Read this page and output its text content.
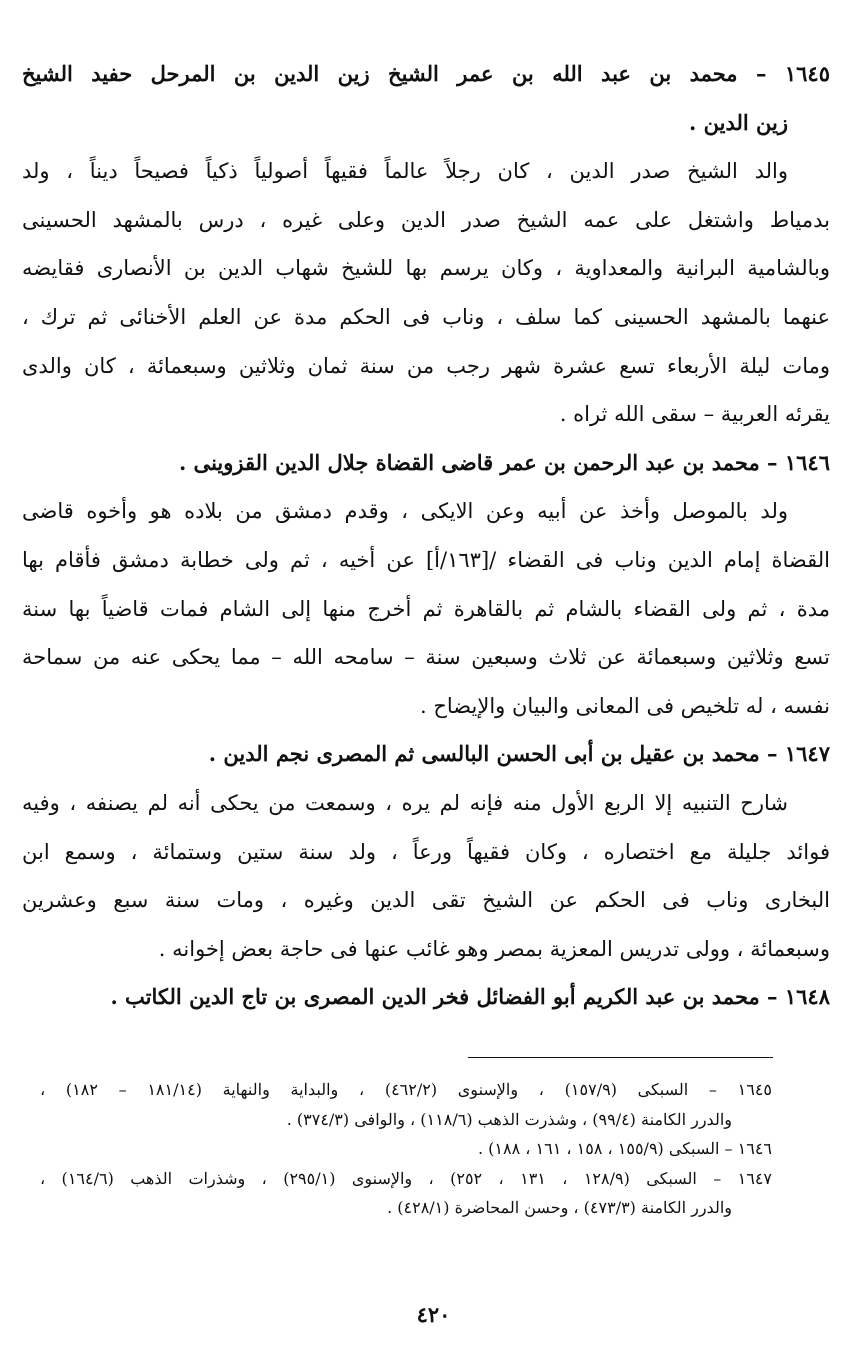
١٦٤٥ – محمد بن عبد الله بن عمر الشيخ زين الدين بن المرحل حفيد الشيخ
زين الدين .
والد الشيخ صدر الدين ، كان رجلاً عالماً فقيهاً أصولياً ذكياً فصيحاً ديناً ، ولد
بدمياط واشتغل على عمه الشيخ صدر الدين وعلى غيره ، درس بالمشهد الحسينى
وبالشامية البرانية والمعداوية ، وكان يرسم بها للشيخ شهاب الدين بن الأنصارى فقايضه
عنهما بالمشهد الحسينى كما سلف ، وناب فى الحكم مدة عن العلم الأخنائى ثم ترك ،
ومات ليلة الأربعاء تسع عشرة شهر رجب من سنة ثمان وثلاثين وسبعمائة ، كان والدى
يقرئه العربية – سقى الله ثراه .
١٦٤٦ – محمد بن عبد الرحمن بن عمر قاضى القضاة جلال الدين القزوينى .
ولد بالموصل وأخذ عن أبيه وعن الايكى ، وقدم دمشق من بلاده هو وأخوه قاضى
القضاة إمام الدين وناب فى القضاء /[١٦٣/أ] عن أخيه ، ثم ولى خطابة دمشق فأقام بها
مدة ، ثم ولى القضاء بالشام ثم بالقاهرة ثم أخرج منها إلى الشام فمات قاضياً بها سنة
تسع وثلاثين وسبعمائة عن ثلاث وسبعين سنة – سامحه الله – مما يحكى عنه من سماحة
نفسه ، له تلخيص فى المعانى والبيان والإيضاح .
١٦٤٧ – محمد بن عقيل بن أبى الحسن البالسى ثم المصرى نجم الدين .
شارح التنبيه إلا الربع الأول منه فإنه لم يره ، وسمعت من يحكى أنه لم يصنفه ، وفيه
فوائد جليلة مع اختصاره ، وكان فقيهاً ورعاً ، ولد سنة ستين وستمائة ، وسمع ابن
البخارى وناب فى الحكم عن الشيخ تقى الدين وغيره ، ومات سنة سبع وعشرين
وسبعمائة ، وولى تدريس المعزية بمصر وهو غائب عنها فى حاجة بعض إخوانه .
١٦٤٨ – محمد بن عبد الكريم أبو الفضائل فخر الدين المصرى بن تاج الدين الكاتب .
١٦٤٥ – السبكى (١٥٧/٩) ، والإسنوى (٤٦٢/٢) ، والبداية والنهاية (١٨١/١٤ – ١٨٢) ،
والدرر الكامنة (٩٩/٤) ، وشذرت الذهب (١١٨/٦) ، والوافى (٣٧٤/٣) .
١٦٤٦ – السبكى (١٥٥/٩ ، ١٥٨ ، ١٦١ ، ١٨٨) .
١٦٤٧ – السبكى (١٢٨/٩ ، ١٣١ ، ٢٥٢) ، والإسنوى (٢٩٥/١) ، وشذرات الذهب (١٦٤/٦) ،
والدرر الكامنة (٤٧٣/٣) ، وحسن المحاضرة (٤٢٨/١) .
٤٢٠
